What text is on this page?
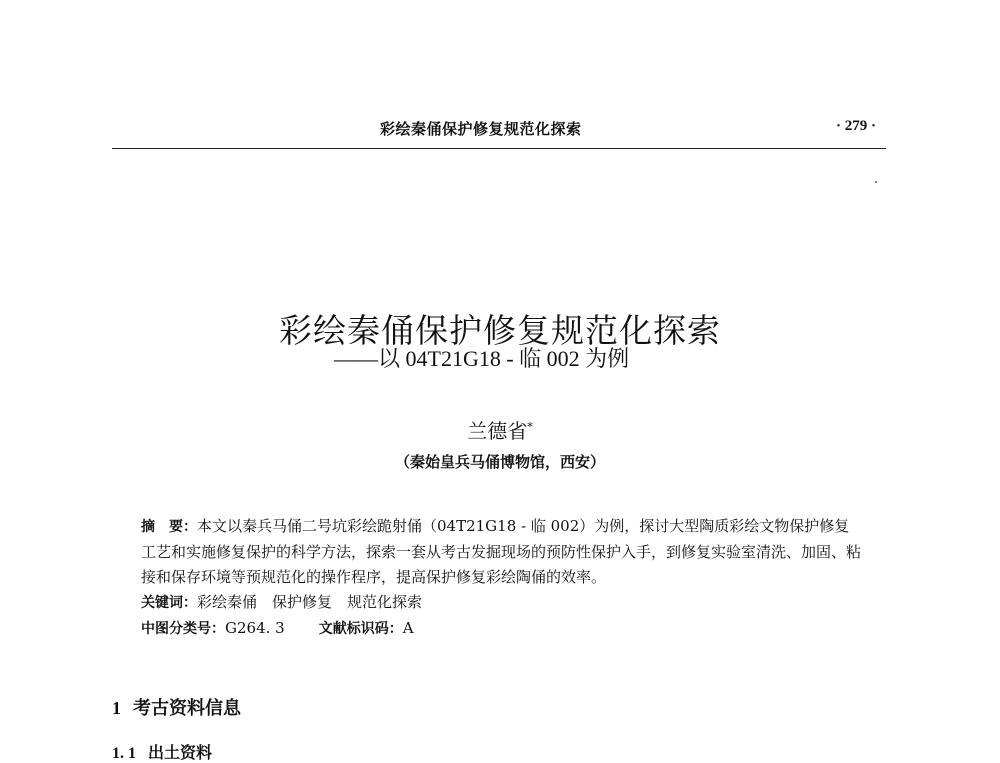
彩绘秦俑保护修复规范化探索	· 279 ·
彩绘秦俑保护修复规范化探索
——以 04T21G18 - 临 002 为例
兰德省*
（秦始皇兵马俑博物馆，西安）

摘　要：本文以秦兵马俑二号坑彩绘跪射俑（04T21G18 - 临 002）为例，探讨大型陶质彩绘文物保护修复工艺和实施修复保护的科学方法，探索一套从考古发掘现场的预防性保护入手，到修复实验室清洗、加固、粘接和保存环境等预规范化的操作程序，提高保护修复彩绘陶俑的效率。

关键词：彩绘秦俑　保护修复　规范化探索

中图分类号：G264. 3 文献标识码：A

1 考古资料信息
1. 1 出土资料
